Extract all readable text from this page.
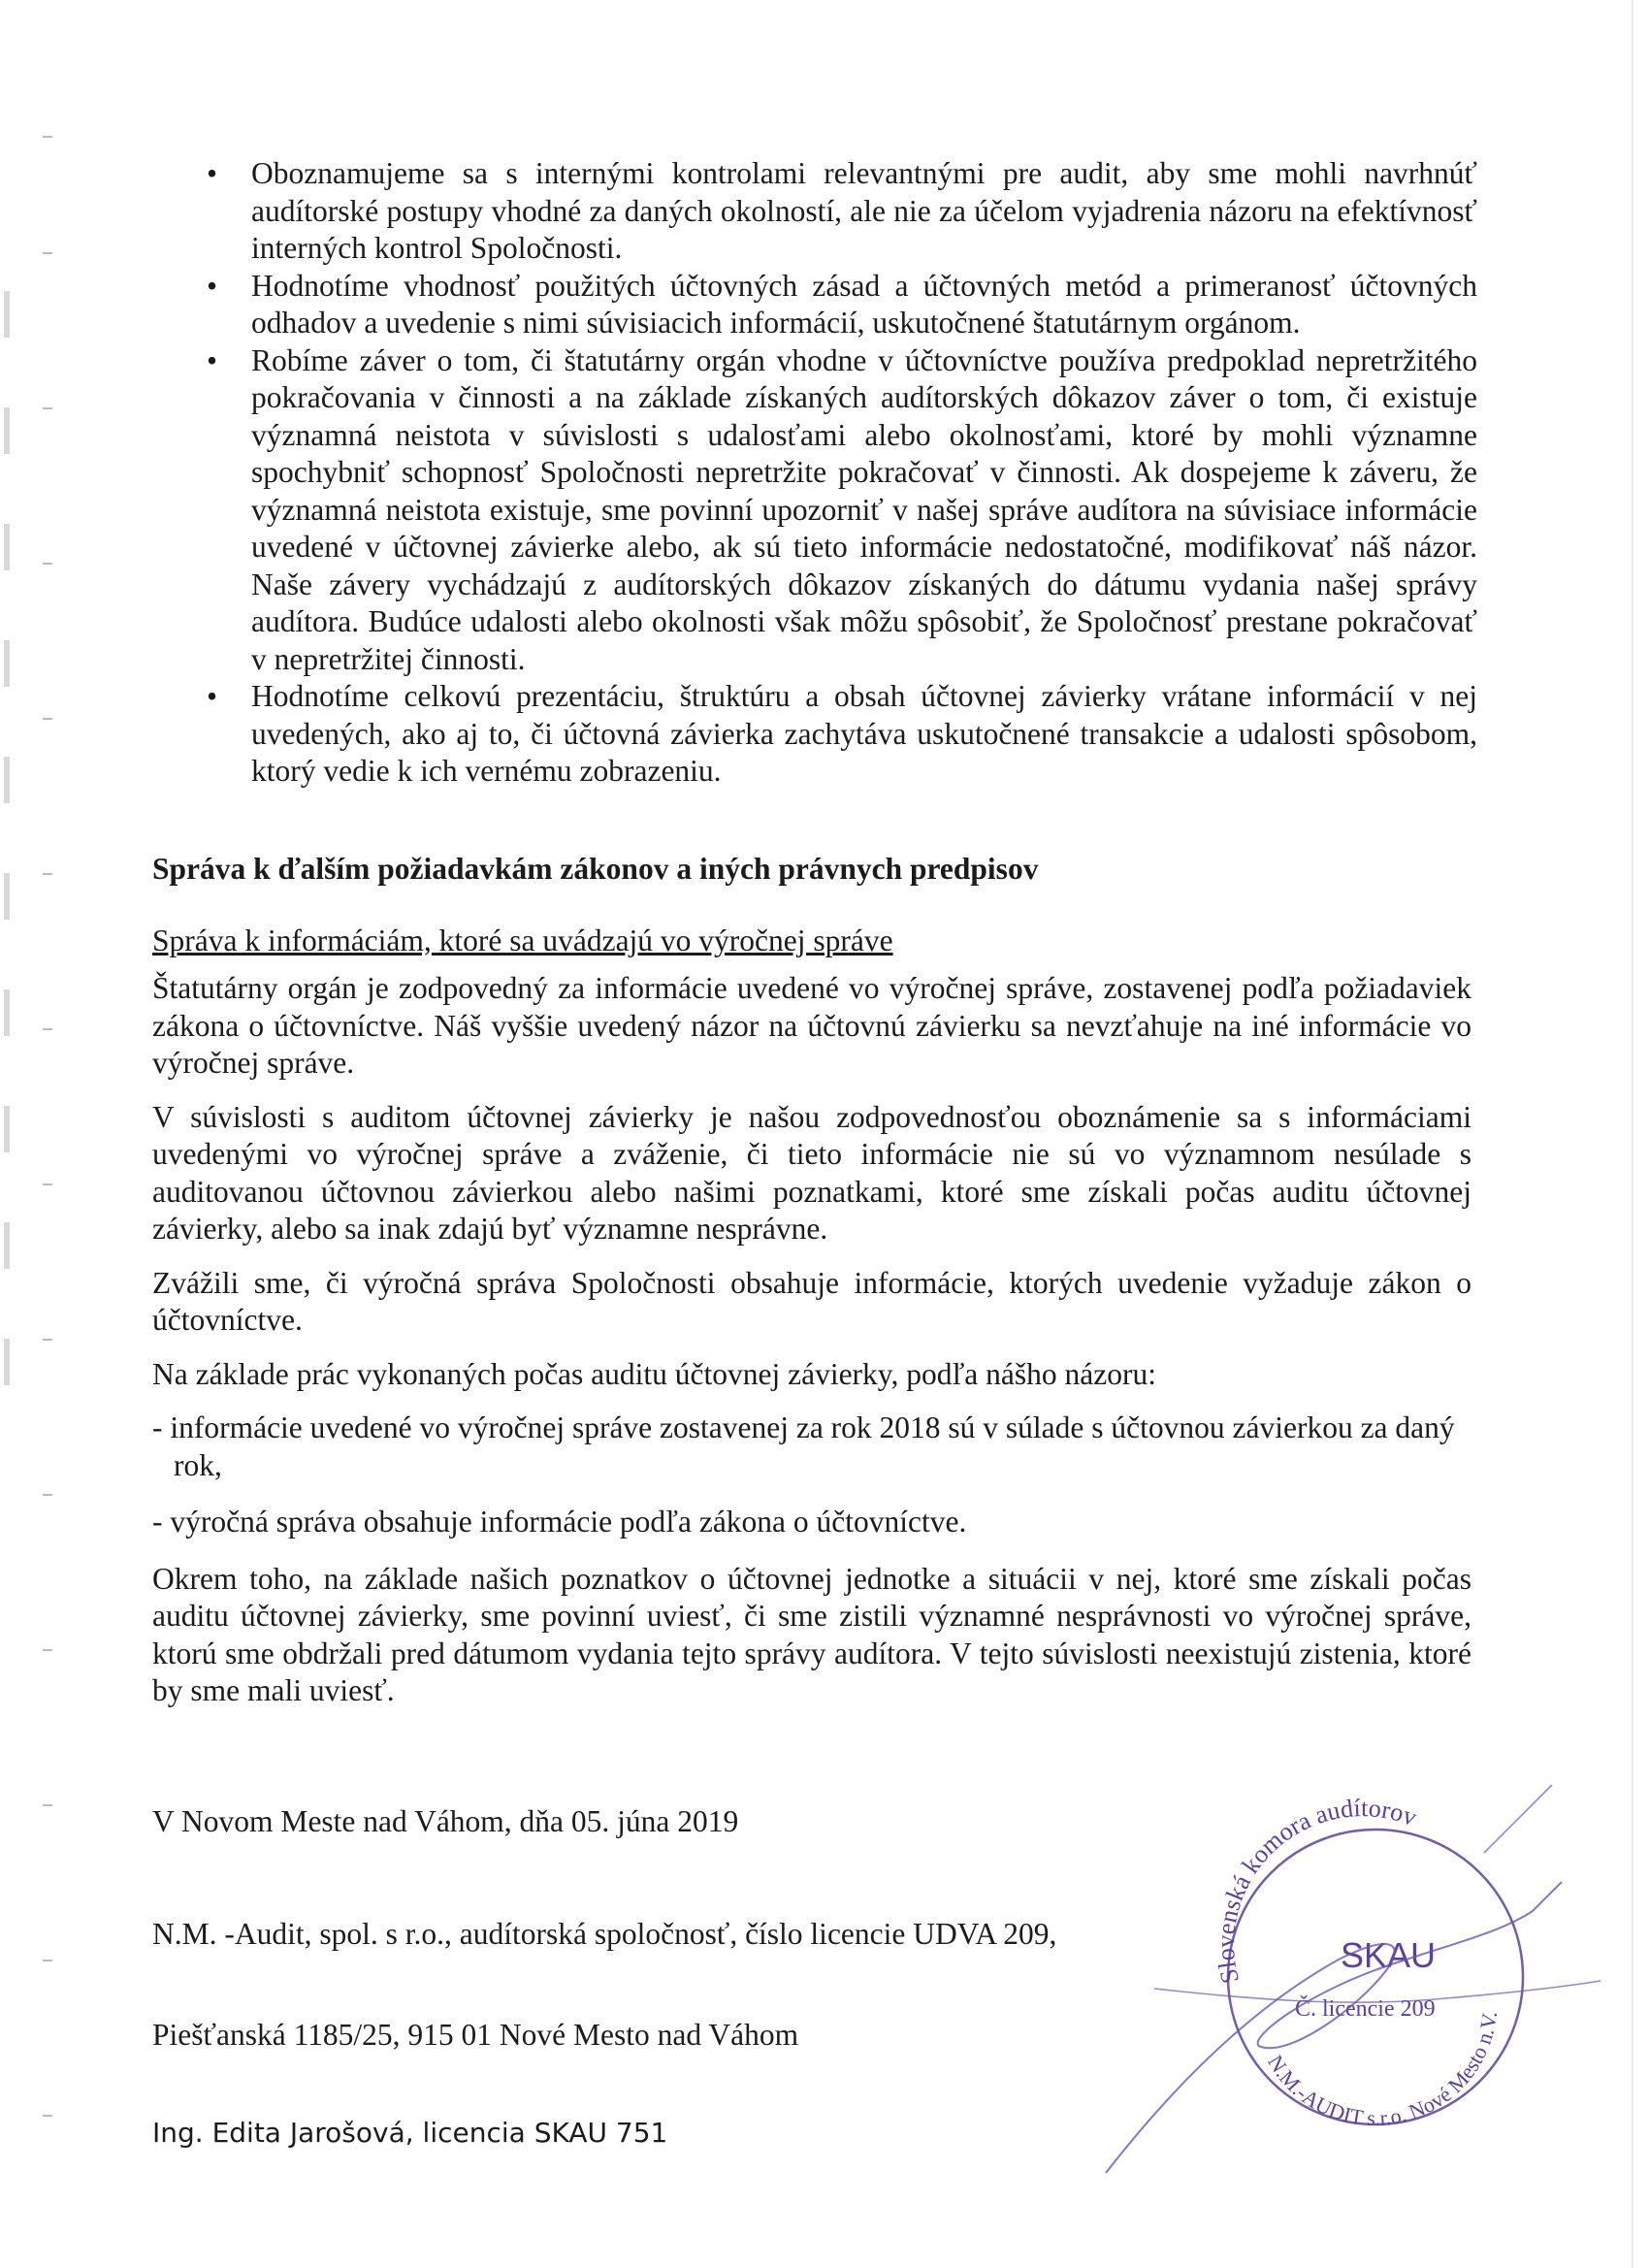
•	Oboznamujeme sa s internými kontrolami relevantnými pre audit, aby sme mohli navrhnúť audítorské postupy vhodné za daných okolností, ale nie za účelom vyjadrenia názoru na efektívnosť interných kontrol Spoločnosti.
•	Hodnotíme vhodnosť použitých účtovných zásad a účtovných metód a primeranosť účtovných odhadov a uvedenie s nimi súvisiacich informácií, uskutočnené štatutárnym orgánom.
•	Robíme záver o tom, či štatutárny orgán vhodne v účtovníctve používa predpoklad nepretržitého pokračovania v činnosti a na základe získaných audítorských dôkazov záver o tom, či existuje významná neistota v súvislosti s udalosťami alebo okolnosťami, ktoré by mohli významne spochybniť schopnosť Spoločnosti nepretržite pokračovať v činnosti. Ak dospejeme k záveru, že významná neistota existuje, sme povinní upozorniť v našej správe audítora na súvisiace informácie uvedené v účtovnej závierke alebo, ak sú tieto informácie nedostatočné, modifikovať náš názor. Naše závery vychádzajú z audítorských dôkazov získaných do dátumu vydania našej správy audítora. Budúce udalosti alebo okolnosti však môžu spôsobiť, že Spoločnosť prestane pokračovať v nepretržitej činnosti.
•	Hodnotíme celkovú prezentáciu, štruktúru a obsah účtovnej závierky vrátane informácií v nej uvedených, ako aj to, či účtovná závierka zachytáva uskutočnené transakcie a udalosti spôsobom, ktorý vedie k ich vernému zobrazeniu.
Správa k ďalším požiadavkám zákonov a iných právnych predpisov
Správa k informáciám, ktoré sa uvádzajú vo výročnej správe

Štatutárny orgán je zodpovedný za informácie uvedené vo výročnej správe, zostavenej podľa požiadaviek zákona o účtovníctve. Náš vyššie uvedený názor na účtovnú závierku sa nevzťahuje na iné informácie vo výročnej správe.

V súvislosti s auditom účtovnej závierky je našou zodpovednosťou oboznámenie sa s informáciami uvedenými vo výročnej správe a zváženie, či tieto informácie nie sú vo významnom nesúlade s auditovanou účtovnou závierkou alebo našimi poznatkami, ktoré sme získali počas auditu účtovnej závierky, alebo sa inak zdajú byť významne nesprávne.

Zvážili sme, či výročná správa Spoločnosti obsahuje informácie, ktorých uvedenie vyžaduje zákon o účtovníctve.

Na základe prác vykonaných počas auditu účtovnej závierky, podľa nášho názoru:

- informácie uvedené vo výročnej správe zostavenej za rok 2018 sú v súlade s účtovnou závierkou za daný rok,

- výročná správa obsahuje informácie podľa zákona o účtovníctve.

Okrem toho, na základe našich poznatkov o účtovnej jednotke a situácii v nej, ktoré sme získali počas auditu účtovnej závierky, sme povinní uviesť, či sme zistili významné nesprávnosti vo výročnej správe, ktorú sme obdržali pred dátumom vydania tejto správy audítora. V tejto súvislosti neexistujú zistenia, ktoré by sme mali uviesť.

V Novom Meste nad Váhom, dňa 05. júna 2019
N.M. -Audit, spol. s r.o., audítorská spoločnosť, číslo licencie UDVA 209,
Piešťanská 1185/25, 915 01 Nové Mesto nad Váhom
Ing. Edita Jarošová, licencia SKAU 751
Slovenská komora audítorov
N.M.-AUDIT s.r.o. Nové Mesto n.V.
SKAU
Č. licencie 209
